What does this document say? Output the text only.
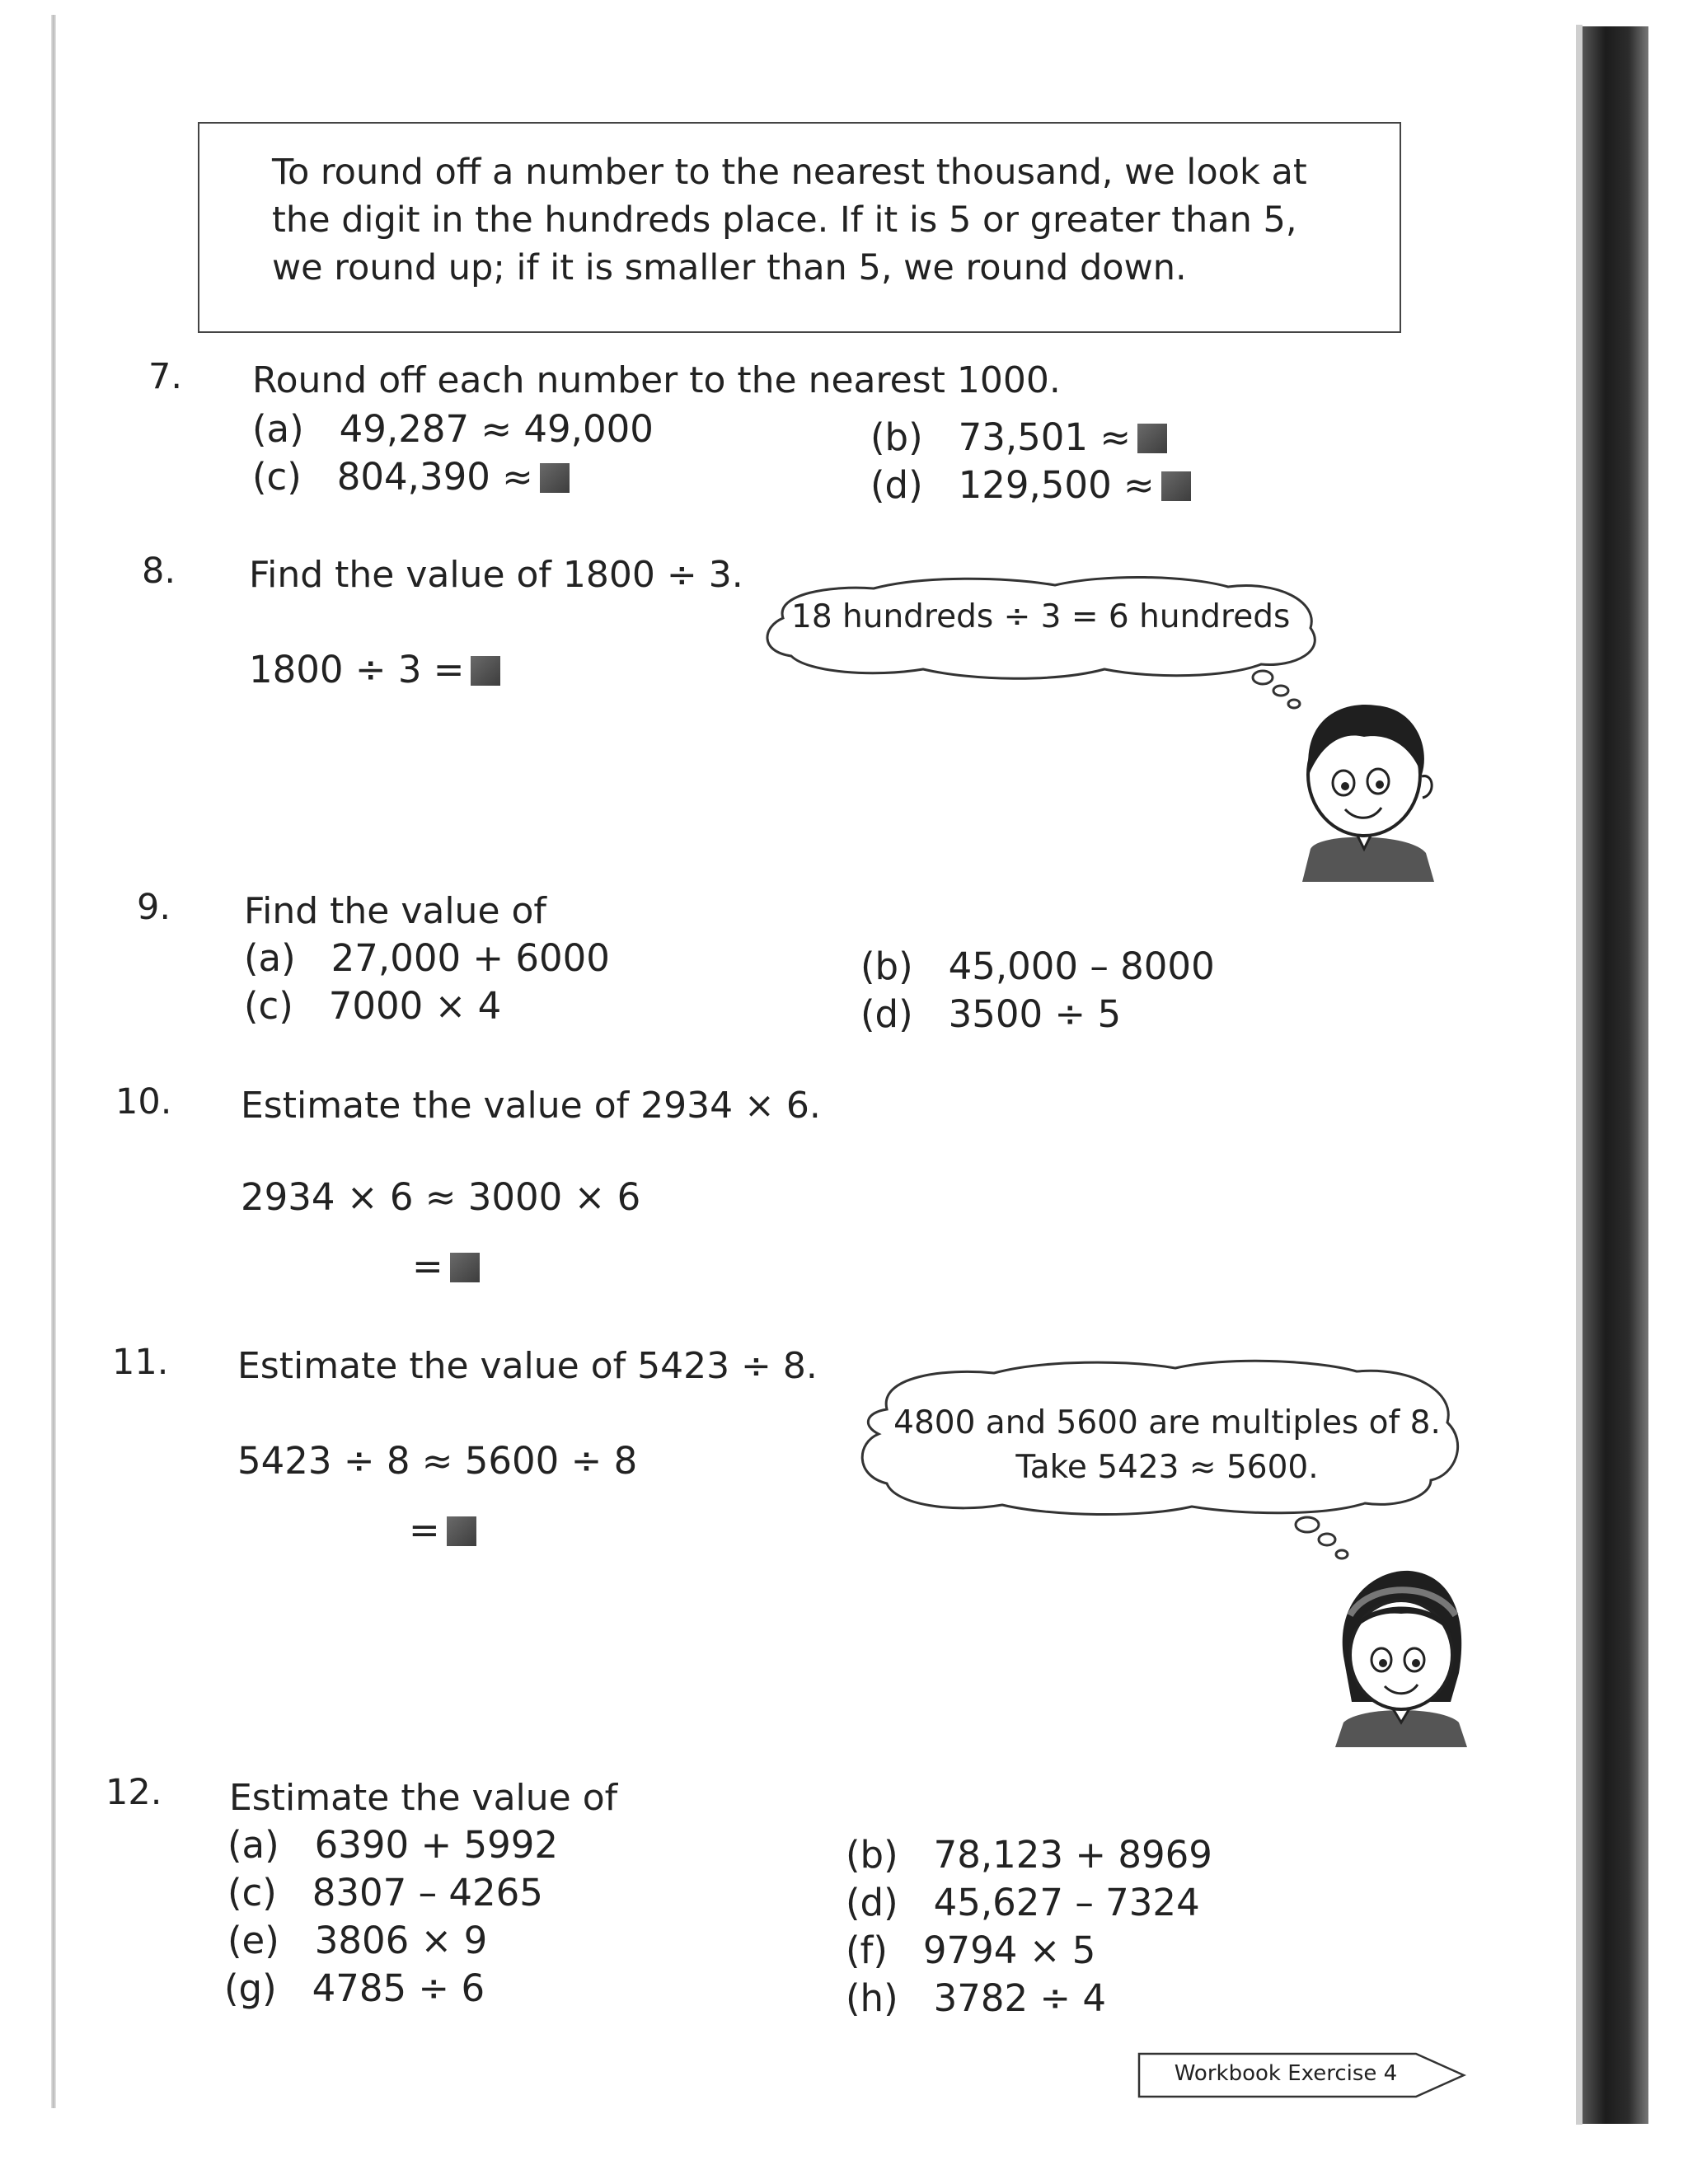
To round off a number to the nearest thousand, we look at
the digit in the hundreds place. If it is 5 or greater than 5,
we round up; if it is smaller than 5, we round down.
7. Round off each number to the nearest 1000.
(a) 49,287 ≈ 49,000	(b) 73,501 ≈
(c) 804,390 ≈	(d) 129,500 ≈
8. Find the value of 1800 ÷ 3.
1800 ÷ 3 =
18 hundreds ÷ 3 = 6 hundreds
9. Find the value of
(a) 27,000 + 6000	(b) 45,000 – 8000
(c) 7000 × 4	(d) 3500 ÷ 5
10. Estimate the value of 2934 × 6.
2934 × 6 ≈ 3000 × 6
=
11. Estimate the value of 5423 ÷ 8.
5423 ÷ 8 ≈ 5600 ÷ 8
=
4800 and 5600 are multiples of 8.
Take 5423 ≈ 5600.
12. Estimate the value of
(a) 6390 + 5992	(b) 78,123 + 8969
(c) 8307 – 4265	(d) 45,627 – 7324
(e) 3806 × 9	(f) 9794 × 5
(g) 4785 ÷ 6	(h) 3782 ÷ 4
Workbook Exercise 4
